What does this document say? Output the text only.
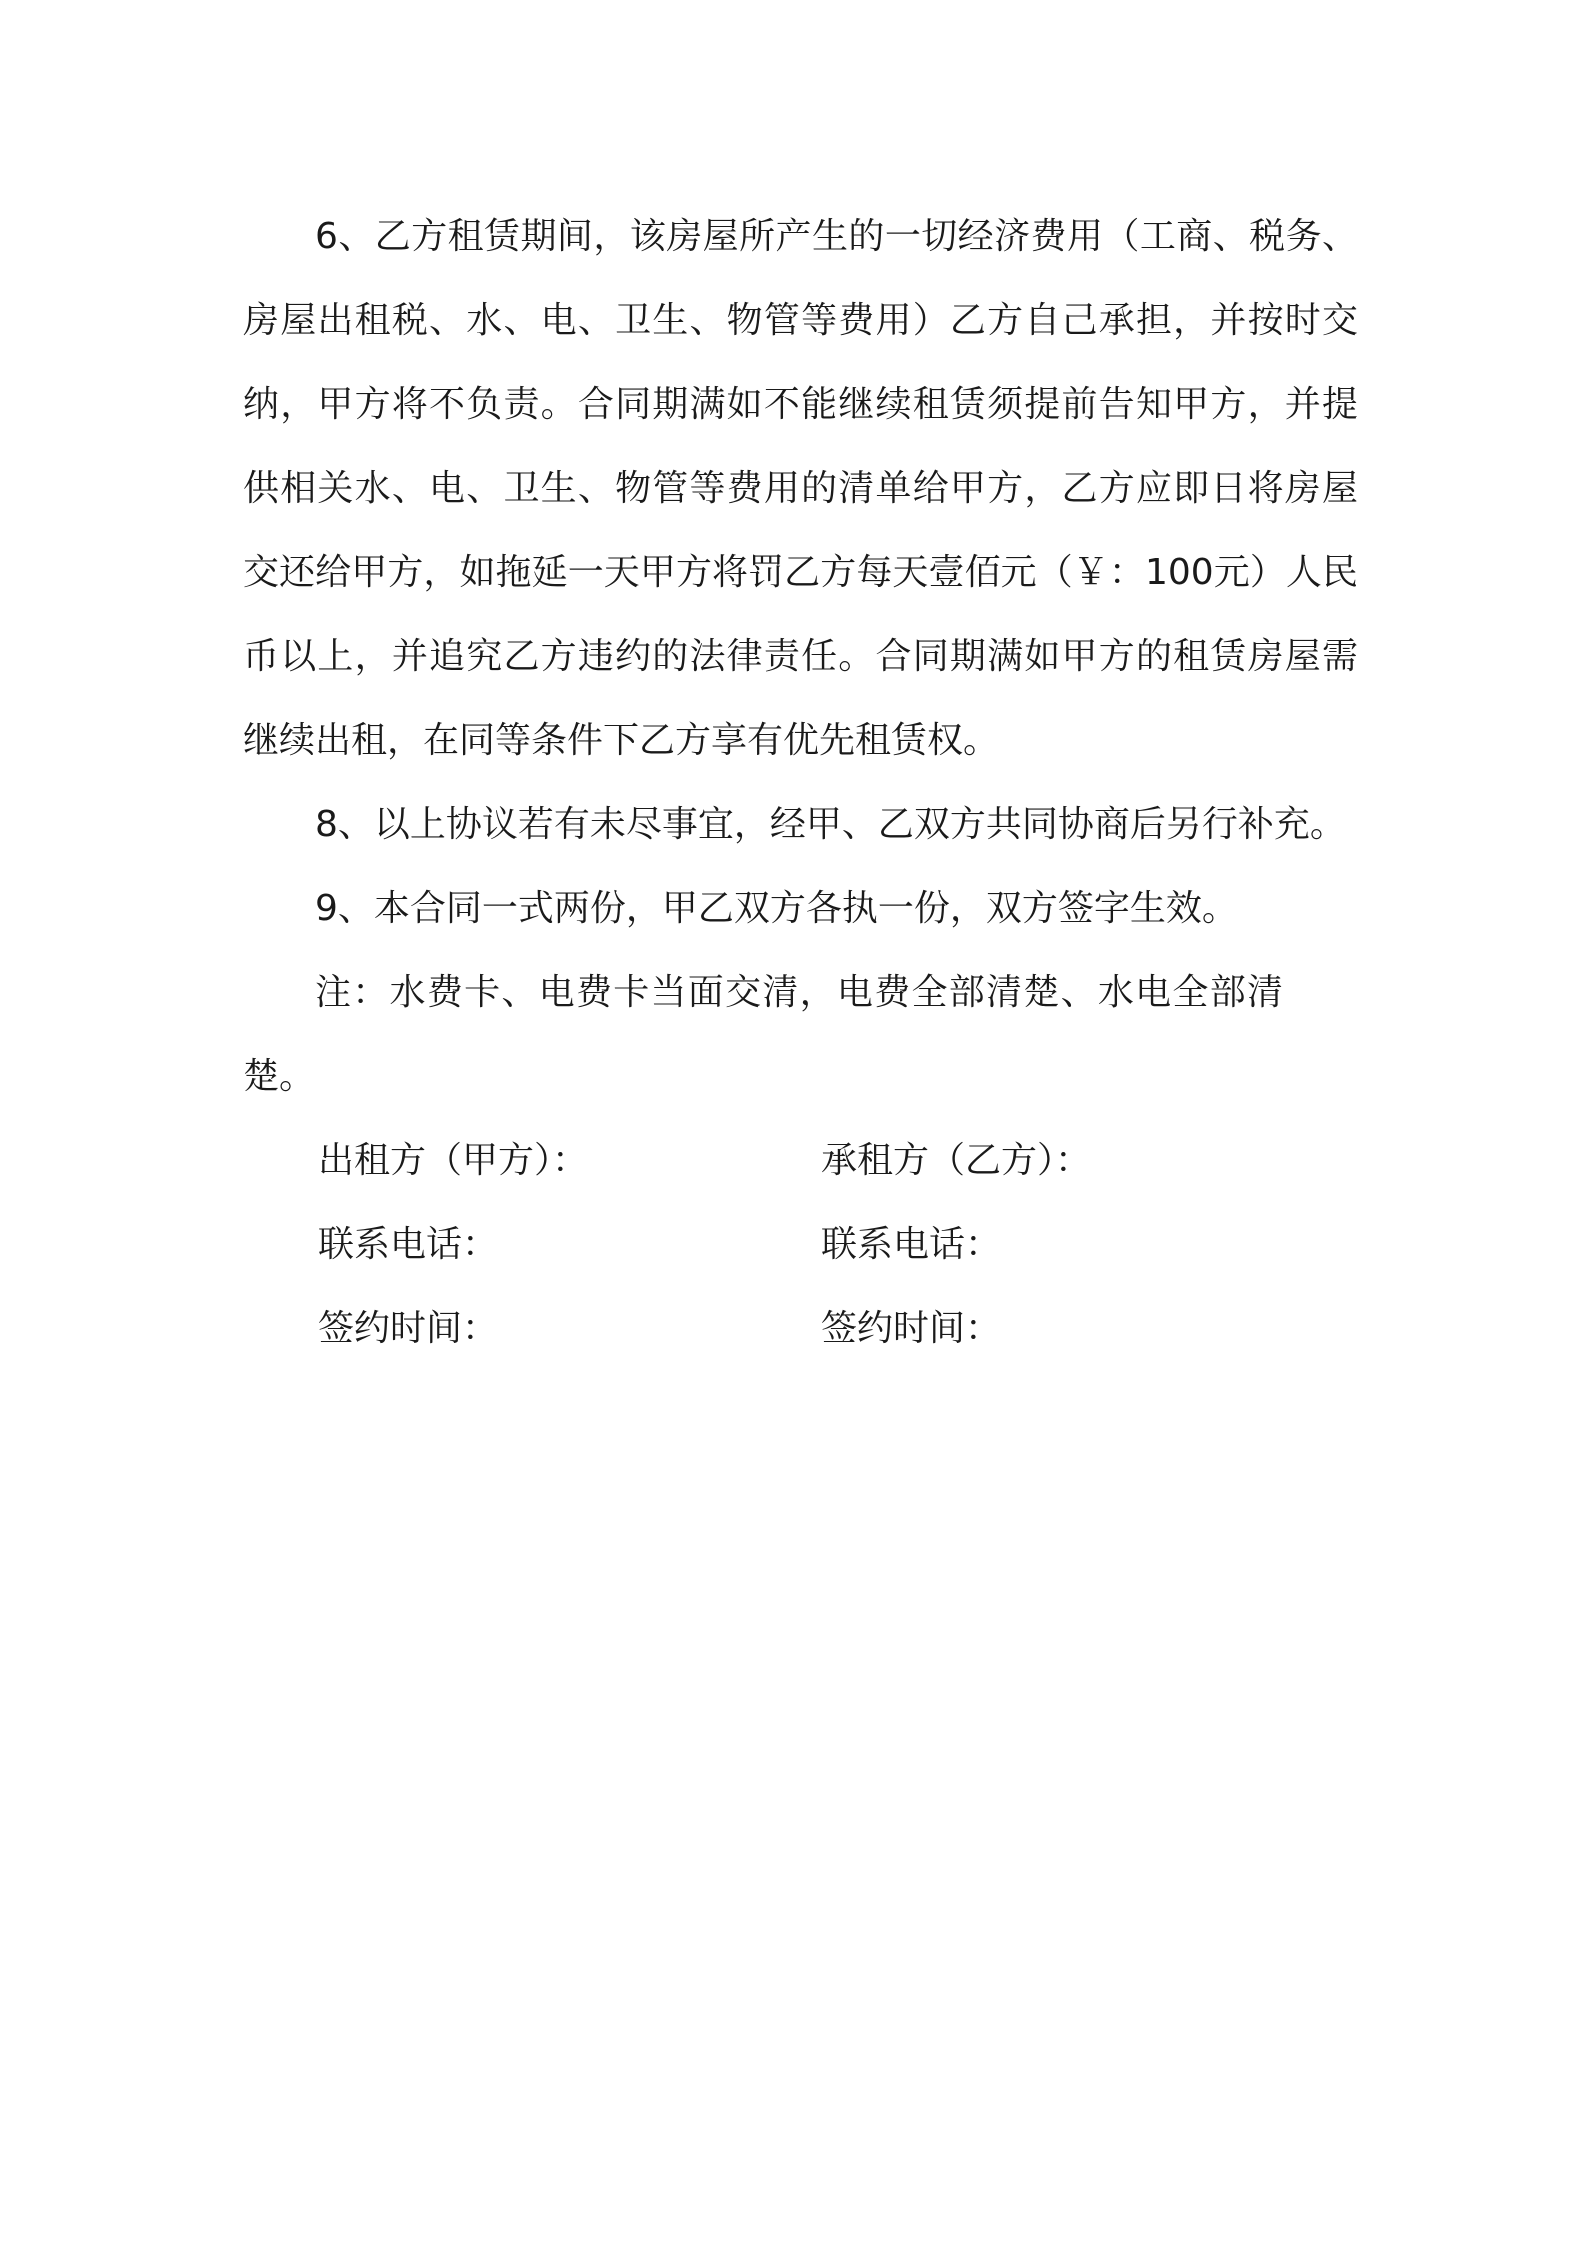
6、乙方租赁期间，该房屋所产生的一切经济费用（工商、税务、房屋出租税、水、电、卫生、物管等费用）乙方自己承担，并按时交纳，甲方将不负责。合同期满如不能继续租赁须提前告知甲方，并提供相关水、电、卫生、物管等费用的清单给甲方，乙方应即日将房屋交还给甲方，如拖延一天甲方将罚乙方每天壹佰元（￥：100元）人民币以上，并追究乙方违约的法律责任。合同期满如甲方的租赁房屋需继续出租，在同等条件下乙方享有优先租赁权。

8、以上协议若有未尽事宜，经甲、乙双方共同协商后另行补充。

9、本合同一式两份，甲乙双方各执一份，双方签字生效。

注：水费卡、电费卡当面交清，电费全部清楚、水电全部清楚。

出租方（甲方）：	承租方（乙方）：
联系电话：	联系电话：
签约时间：	签约时间：
